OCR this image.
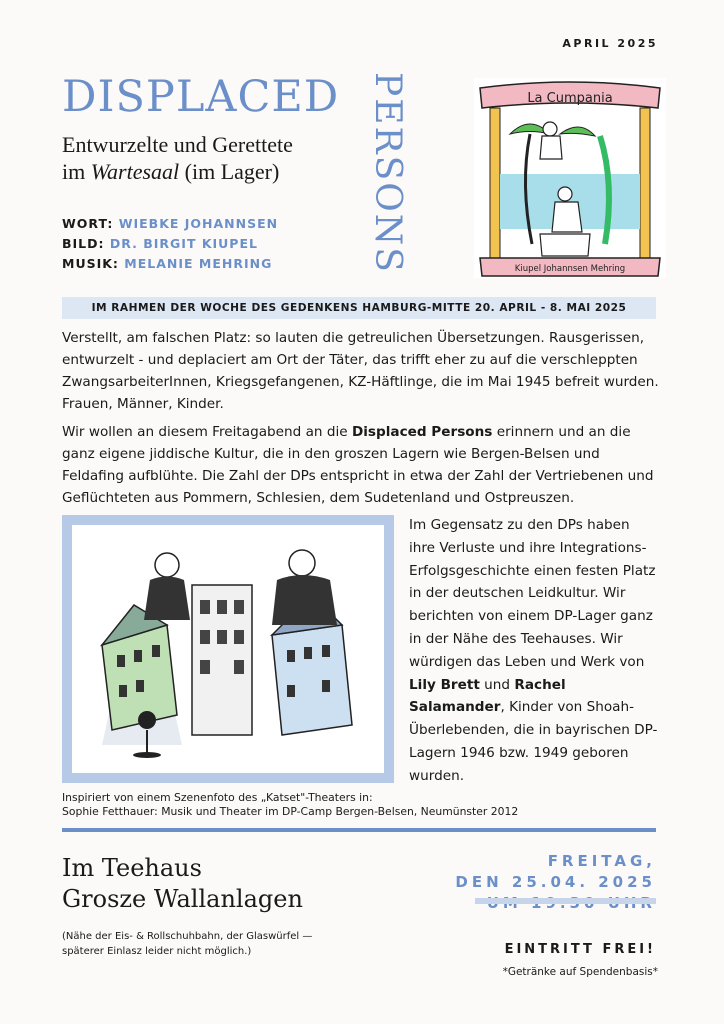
APRIL 2025
DISPLACED PERSONS
Entwurzelte und Gerettete
im Wartesaal (im Lager)
WORT: WIEBKE JOHANNSEN
BILD: DR. BIRGIT KIUPEL
MUSIK: MELANIE MEHRING
La Cumpania
Kiupel Johannsen Mehring
IM RAHMEN DER WOCHE DES GEDENKENS HAMBURG-MITTE 20. APRIL - 8. MAI 2025
Verstellt, am falschen Platz: so lauten die getreulichen Übersetzungen. Rausgerissen, entwurzelt - und deplaciert am Ort der Täter, das trifft eher zu auf die verschleppten ZwangsarbeiterInnen, Kriegsgefangenen, KZ-Häftlinge, die im Mai 1945 befreit wurden. Frauen, Männer, Kinder.
Wir wollen an diesem Freitagabend an die Displaced Persons erinnern und an die ganz eigene jiddische Kultur, die in den groszen Lagern wie Bergen-Belsen und Feldafing aufblühte. Die Zahl der DPs entspricht in etwa der Zahl der Vertriebenen und Geflüchteten aus Pommern, Schlesien, dem Sudetenland und Ostpreuszen.
Im Gegensatz zu den DPs haben ihre Verluste und ihre Integrations-Erfolgsgeschichte einen festen Platz in der deutschen Leidkultur. Wir berichten von einem DP-Lager ganz in der Nähe des Teehauses. Wir würdigen das Leben und Werk von Lily Brett und Rachel Salamander, Kinder von Shoah-Überlebenden, die in bayrischen DP-Lagern 1946 bzw. 1949 geboren wurden.
Inspiriert von einem Szenenfoto des „Katset"-Theaters in:
Sophie Fetthauer: Musik und Theater im DP-Camp Bergen-Belsen, Neumünster 2012
Im Teehaus
Grosze Wallanlagen
(Nähe der Eis- & Rollschuhbahn, der Glaswürfel —
späterer Einlasz leider nicht möglich.)
FREITAG,
DEN 25.04. 2025
EINTRITT FREI!
*Getränke auf Spendenbasis*
